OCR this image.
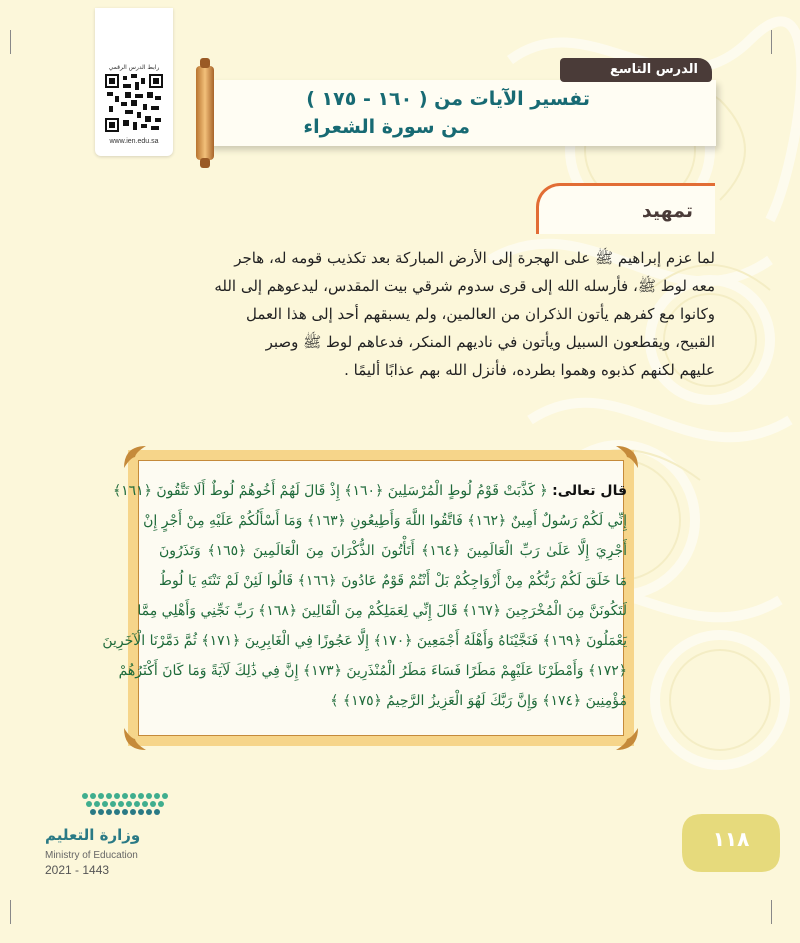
رابط الدرس الرقمي
www.ien.edu.sa
تفسير الآيات من ( ١٦٠ - ١٧٥ )
من سورة الشعراء
الدرس التاسع
تمهيد
لما عزم إبراهيم ﷺ على الهجرة إلى الأرض المباركة بعد تكذيب قومه له، هاجر
معه لوط ﷺ، فأرسله الله إلى قرى سدوم شرقي بيت المقدس، ليدعوهم إلى الله
وكانوا مع كفرهم يأتون الذكران من العالمين، ولم يسبقهم أحد إلى هذا العمل
القبيح، ويقطعون السبيل ويأتون في ناديهم المنكر، فدعاهم لوط ﷺ وصبر
عليهم لكنهم كذبوه وهموا بطرده، فأنزل الله بهم عذابًا أليمًا .
قال تعالى: ﴿ كَذَّبَتْ قَوْمُ لُوطٍ الْمُرْسَلِينَ ﴿١٦٠﴾ إِذْ قَالَ لَهُمْ أَخُوهُمْ لُوطٌ أَلَا تَتَّقُونَ ﴿١٦١﴾
إِنِّي لَكُمْ رَسُولٌ أَمِينٌ ﴿١٦٢﴾ فَاتَّقُوا اللَّهَ وَأَطِيعُونِ ﴿١٦٣﴾ وَمَا أَسْأَلُكُمْ عَلَيْهِ مِنْ أَجْرٍ إِنْ
أَجْرِيَ إِلَّا عَلَىٰ رَبِّ الْعَالَمِينَ ﴿١٦٤﴾ أَتَأْتُونَ الذُّكْرَانَ مِنَ الْعَالَمِينَ ﴿١٦٥﴾ وَتَذَرُونَ
مَا خَلَقَ لَكُمْ رَبُّكُمْ مِنْ أَزْوَاجِكُمْ بَلْ أَنْتُمْ قَوْمٌ عَادُونَ ﴿١٦٦﴾ قَالُوا لَئِنْ لَمْ تَنْتَهِ يَا لُوطُ
لَتَكُونَنَّ مِنَ الْمُخْرَجِينَ ﴿١٦٧﴾ قَالَ إِنِّي لِعَمَلِكُمْ مِنَ الْقَالِينَ ﴿١٦٨﴾ رَبِّ نَجِّنِي وَأَهْلِي مِمَّا
يَعْمَلُونَ ﴿١٦٩﴾ فَنَجَّيْنَاهُ وَأَهْلَهُ أَجْمَعِينَ ﴿١٧٠﴾ إِلَّا عَجُوزًا فِي الْغَابِرِينَ ﴿١٧١﴾ ثُمَّ دَمَّرْنَا الْآخَرِينَ
﴿١٧٢﴾ وَأَمْطَرْنَا عَلَيْهِمْ مَطَرًا فَسَاءَ مَطَرُ الْمُنْذَرِينَ ﴿١٧٣﴾ إِنَّ فِي ذَٰلِكَ لَآيَةً وَمَا كَانَ أَكْثَرُهُمْ
مُؤْمِنِينَ ﴿١٧٤﴾ وَإِنَّ رَبَّكَ لَهُوَ الْعَزِيزُ الرَّحِيمُ ﴿١٧٥﴾ ﴾
وزارة التعليم
Ministry of Education
2021 - 1443
١١٨
